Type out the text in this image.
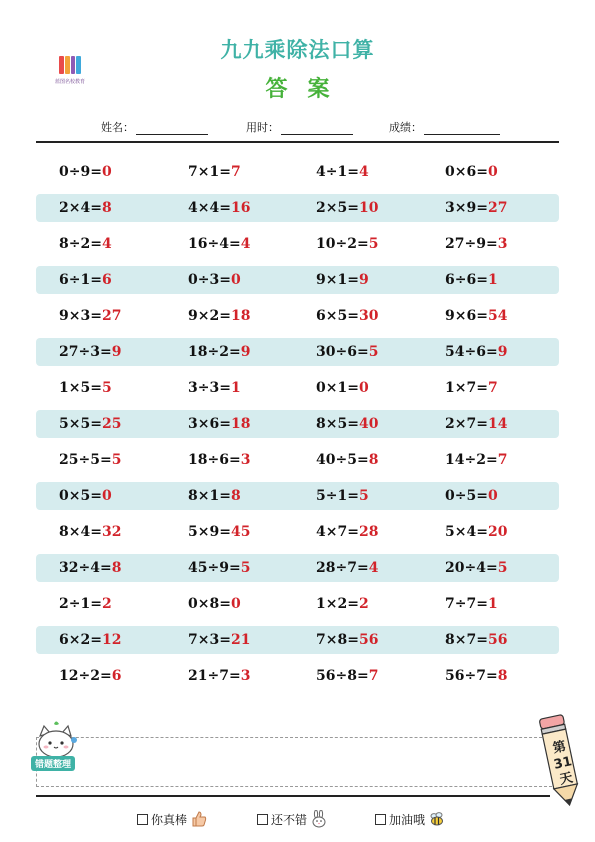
蓝图名校教育
九九乘除法口算
答案
姓名：	用时：	成绩：
0÷9=0	7×1=7	4÷1=4	0×6=0
2×4=8	4×4=16	2×5=10	3×9=27
8÷2=4	16÷4=4	10÷2=5	27÷9=3
6÷1=6	0÷3=0	9×1=9	6÷6=1
9×3=27	9×2=18	6×5=30	9×6=54
27÷3=9	18÷2=9	30÷6=5	54÷6=9
1×5=5	3÷3=1	0×1=0	1×7=7
5×5=25	3×6=18	8×5=40	2×7=14
25÷5=5	18÷6=3	40÷5=8	14÷2=7
0×5=0	8×1=8	5÷1=5	0÷5=0
8×4=32	5×9=45	4×7=28	5×4=20
32÷4=8	45÷9=5	28÷7=4	20÷4=5
2÷1=2	0×8=0	1×2=2	7÷7=1
6×2=12	7×3=21	7×8=56	8×7=56
12÷2=6	21÷7=3	56÷8=7	56÷7=8
错题整理
第31天
你真棒	还不错	加油哦
